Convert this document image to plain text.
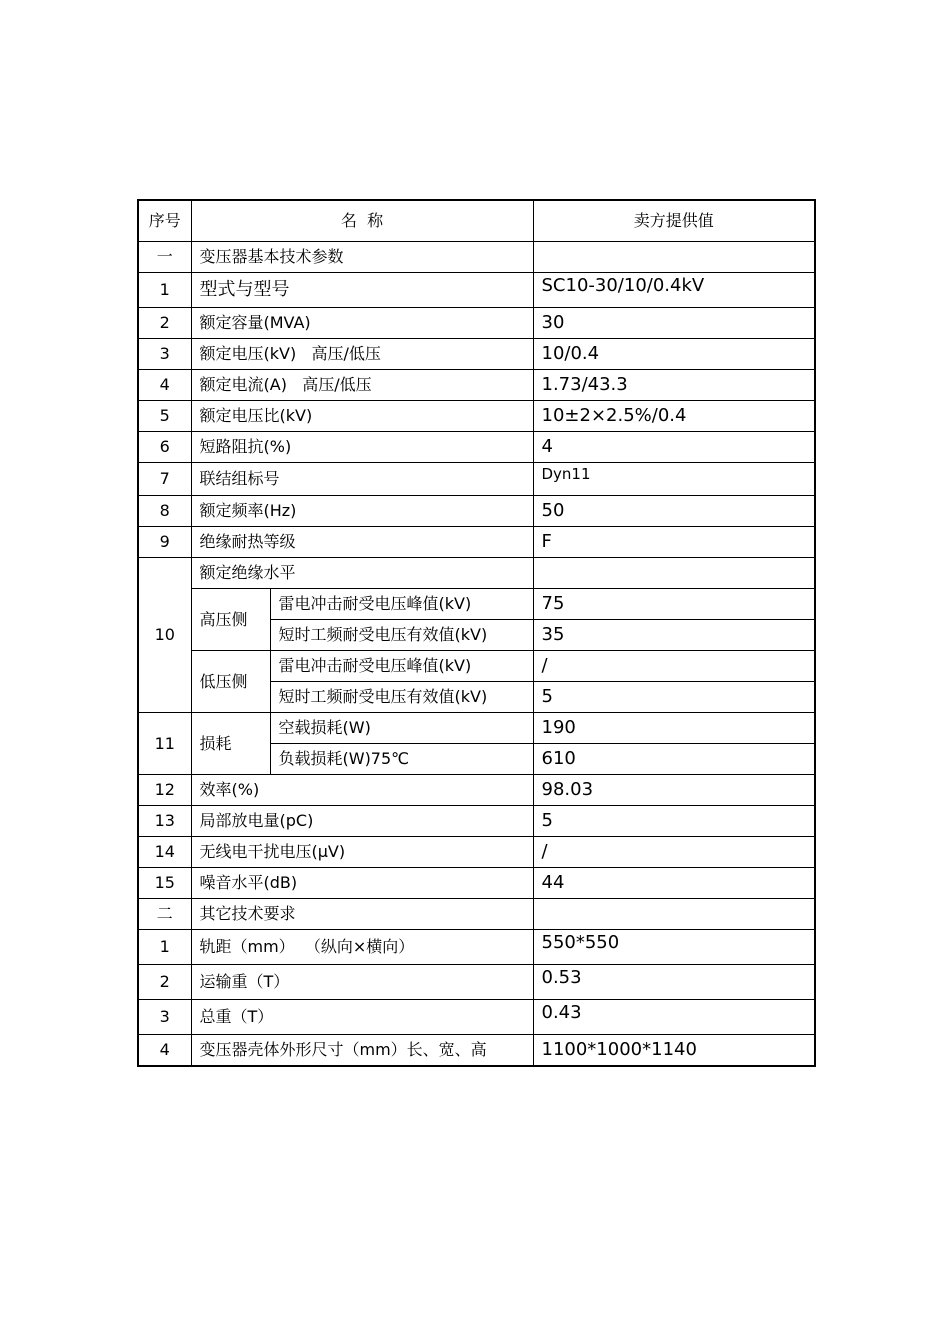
序号	名  称		卖方提供值
一	变压器基本技术参数		
1	型式与型号		SC10-30/10/0.4kV
2	额定容量(MVA)		30
3	额定电压(kV)   高压/低压		10/0.4
4	额定电流(A)   高压/低压		1.73/43.3
5	额定电压比(kV)		10±2×2.5%/0.4
6	短路阻抗(%)		4
7	联结组标号		Dyn11
8	额定频率(Hz)		50
9	绝缘耐热等级		F
10	额定绝缘水平		
	高压侧	雷电冲击耐受电压峰值(kV)	75
		短时工频耐受电压有效值(kV)	35
	低压侧	雷电冲击耐受电压峰值(kV)	/
		短时工频耐受电压有效值(kV)	5
11	损耗	空载损耗(W)	190
		负载损耗(W)75℃	610
12	效率(%)		98.03
13	局部放电量(pC)		5
14	无线电干扰电压(μV)		/
15	噪音水平(dB)		44
二	其它技术要求		
1	轨距（mm）  （纵向×横向）		550*550
2	运输重（T）		0.53
3	总重（T）		0.43
4	变压器壳体外形尺寸（mm）长、宽、高		1100*1000*1140
